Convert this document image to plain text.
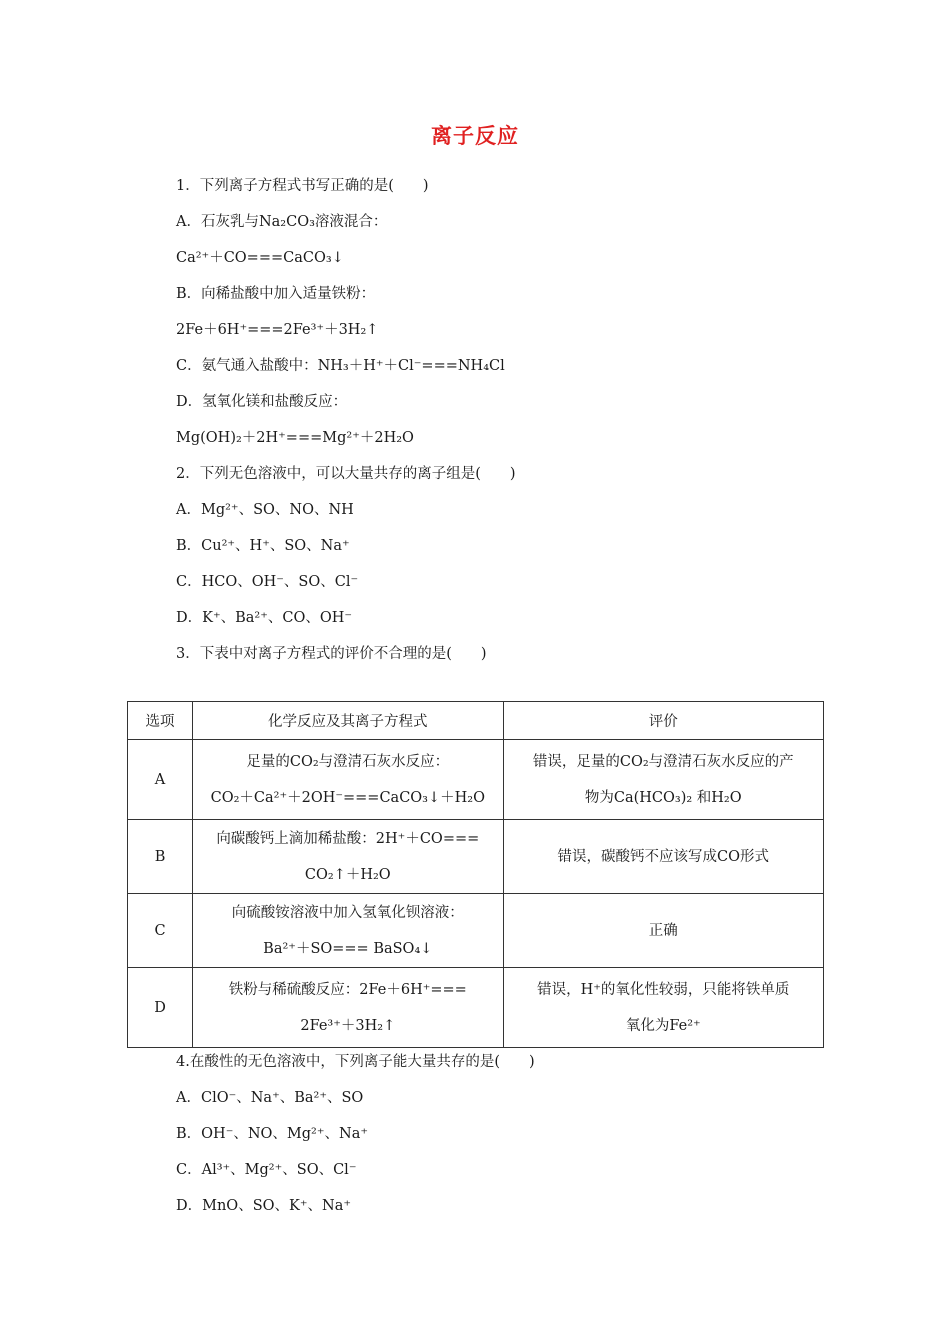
离子反应
1．下列离子方程式书写正确的是(　　)
A．石灰乳与Na₂CO₃溶液混合：
Ca²⁺＋CO===CaCO₃↓
B．向稀盐酸中加入适量铁粉：
2Fe＋6H⁺===2Fe³⁺＋3H₂↑
C．氨气通入盐酸中：NH₃＋H⁺＋Cl⁻===NH₄Cl
D．氢氧化镁和盐酸反应：
Mg(OH)₂＋2H⁺===Mg²⁺＋2H₂O
2．下列无色溶液中，可以大量共存的离子组是(　　)
A．Mg²⁺、SO、NO、NH
B．Cu²⁺、H⁺、SO、Na⁺
C．HCO、OH⁻、SO、Cl⁻
D．K⁺、Ba²⁺、CO、OH⁻
3．下表中对离子方程式的评价不合理的是(　　)
选项	化学反应及其离子方程式	评价
A	足量的CO₂与澄清石灰水反应：
CO₂＋Ca²⁺＋2OH⁻===CaCO₃↓＋H₂O	错误，足量的CO₂与澄清石灰水反应的产
物为Ca(HCO₃)₂ 和H₂O

B	向碳酸钙上滴加稀盐酸：2H⁺＋CO===
CO₂↑＋H₂O	错误，碳酸钙不应该写成CO形式

C	向硫酸铵溶液中加入氢氧化钡溶液：
Ba²⁺＋SO=== BaSO₄↓	正确

D	铁粉与稀硫酸反应：2Fe＋6H⁺===
2Fe³⁺＋3H₂↑	错误，H⁺的氧化性较弱，只能将铁单质
氧化为Fe²⁺
4.在酸性的无色溶液中，下列离子能大量共存的是(　　)
A．ClO⁻、Na⁺、Ba²⁺、SO
B．OH⁻、NO、Mg²⁺、Na⁺
C．Al³⁺、Mg²⁺、SO、Cl⁻
D．MnO、SO、K⁺、Na⁺
